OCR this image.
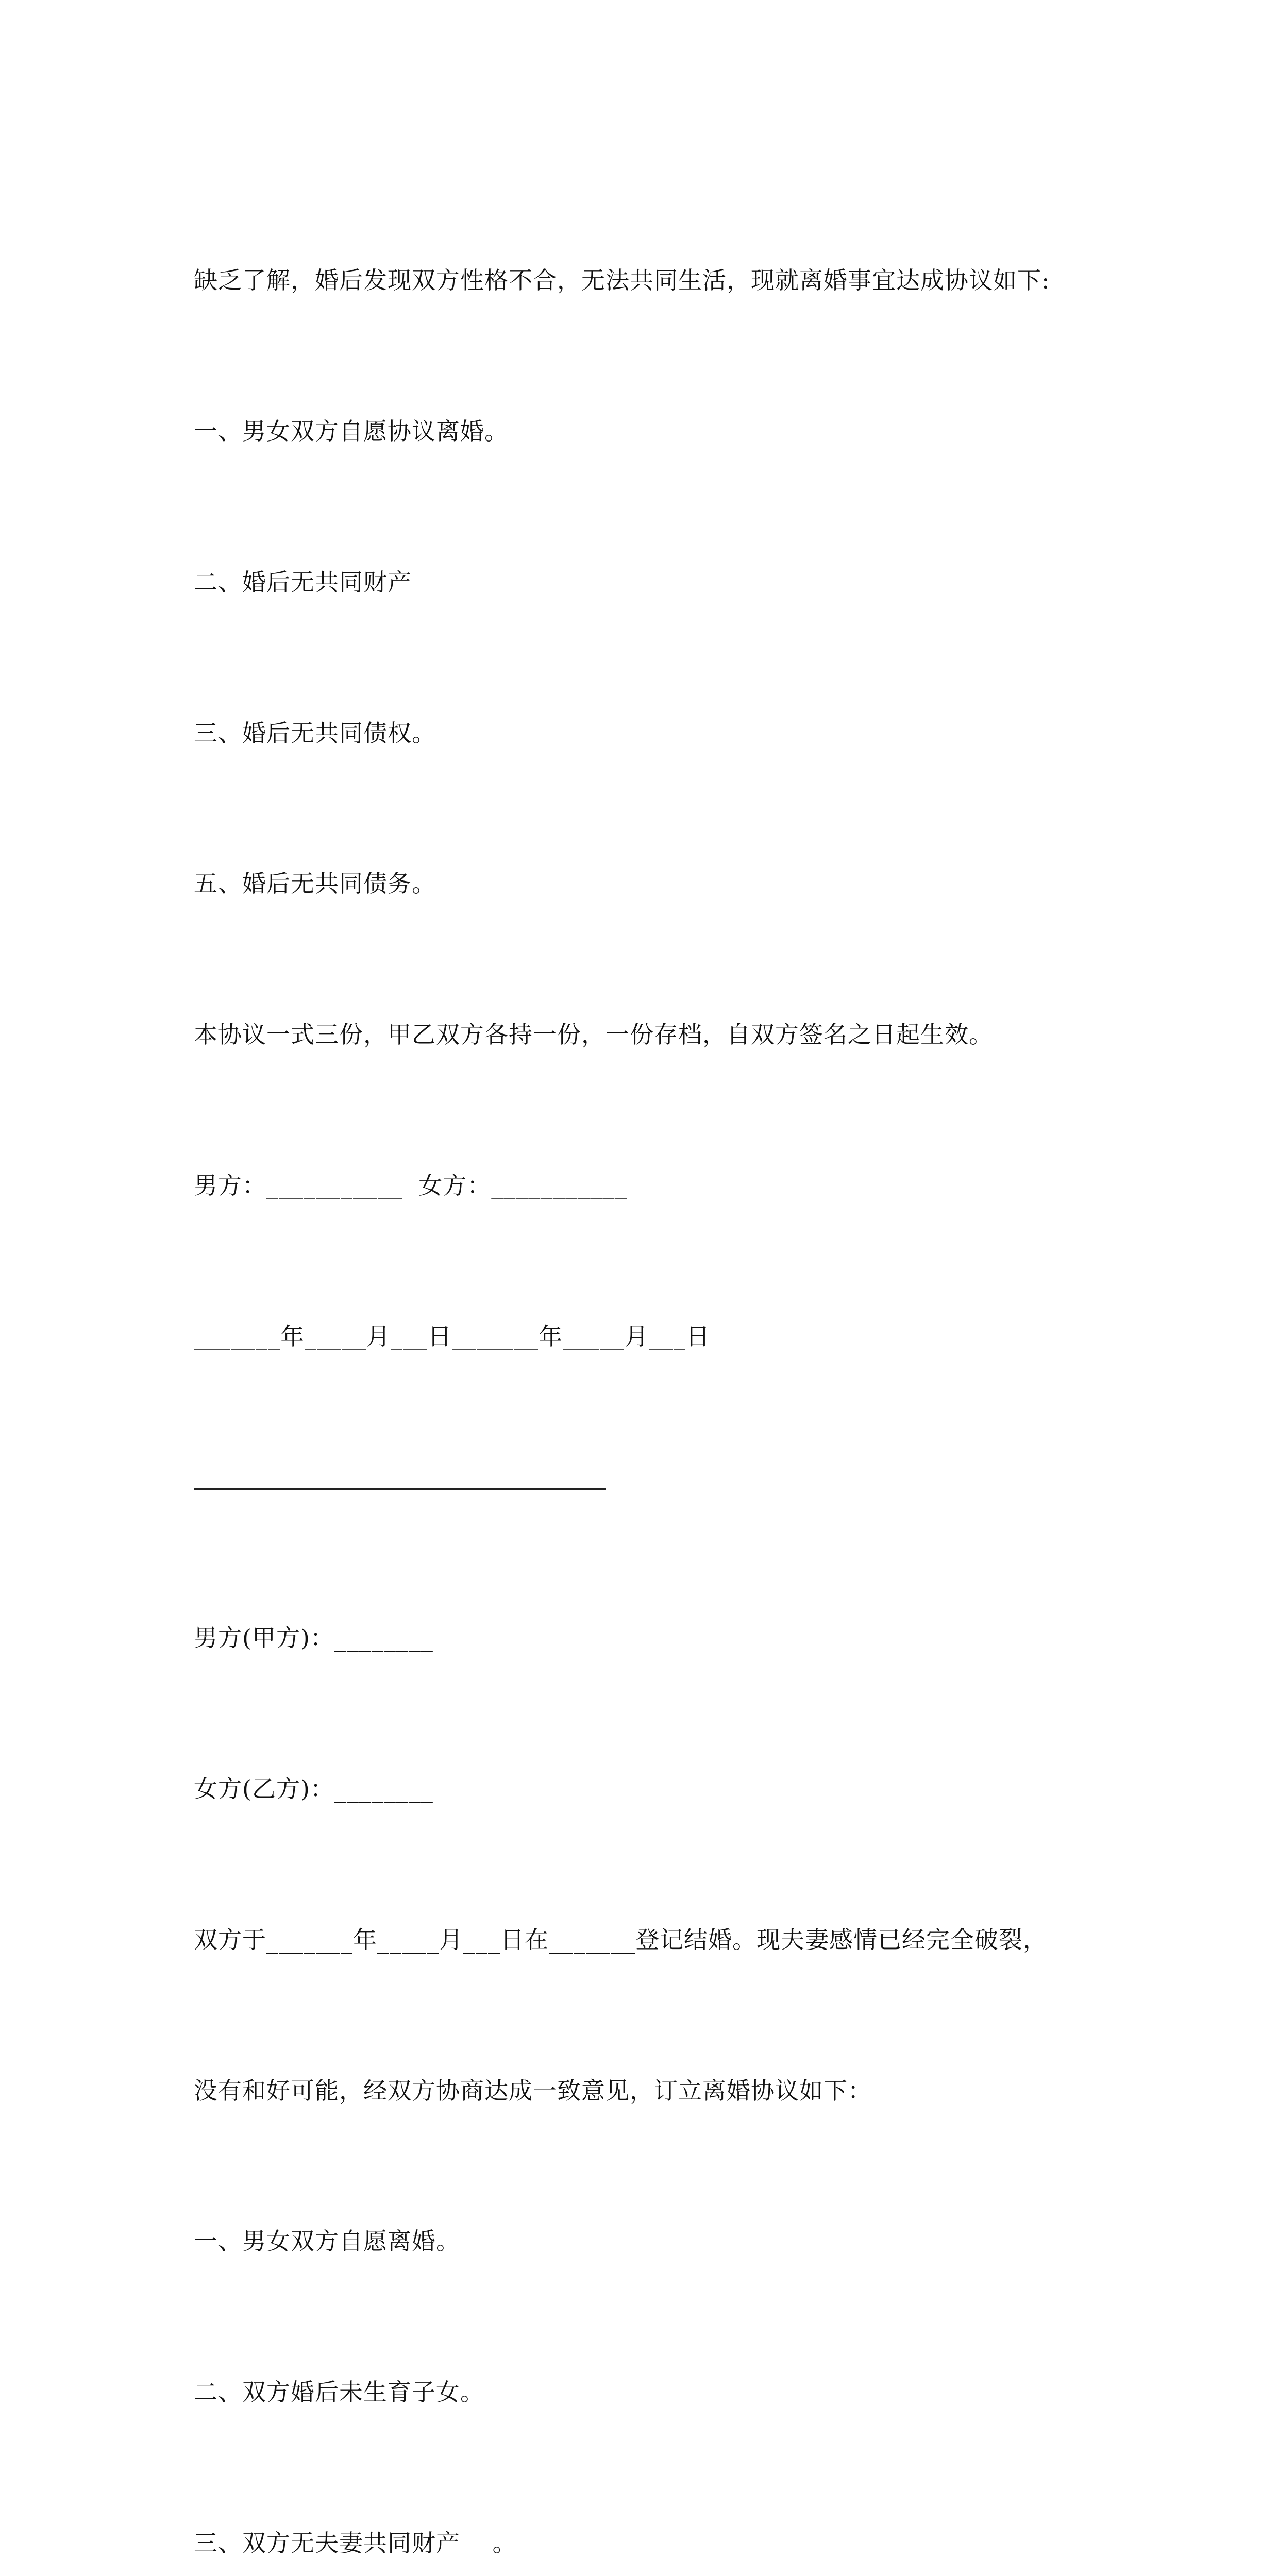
缺乏了解，婚后发现双方性格不合，无法共同生活，现就离婚事宜达成协议如下:

一、男女双方自愿协议离婚。

二、婚后无共同财产

三、婚后无共同债权。

五、婚后无共同债务。

本协议一式三份，甲乙双方各持一份，一份存档，自双方签名之日起生效。

男方：___________  女方：___________

_______年_____月___日_______年_____月___日

男方(甲方)：________

女方(乙方)：________

双方于_______年_____月___日在_______登记结婚。现夫妻感情已经完全破裂，

没有和好可能，经双方协商达成一致意见，订立离婚协议如下：

一、男女双方自愿离婚。

二、双方婚后未生育子女。

三、双方无夫妻共同财产    。
